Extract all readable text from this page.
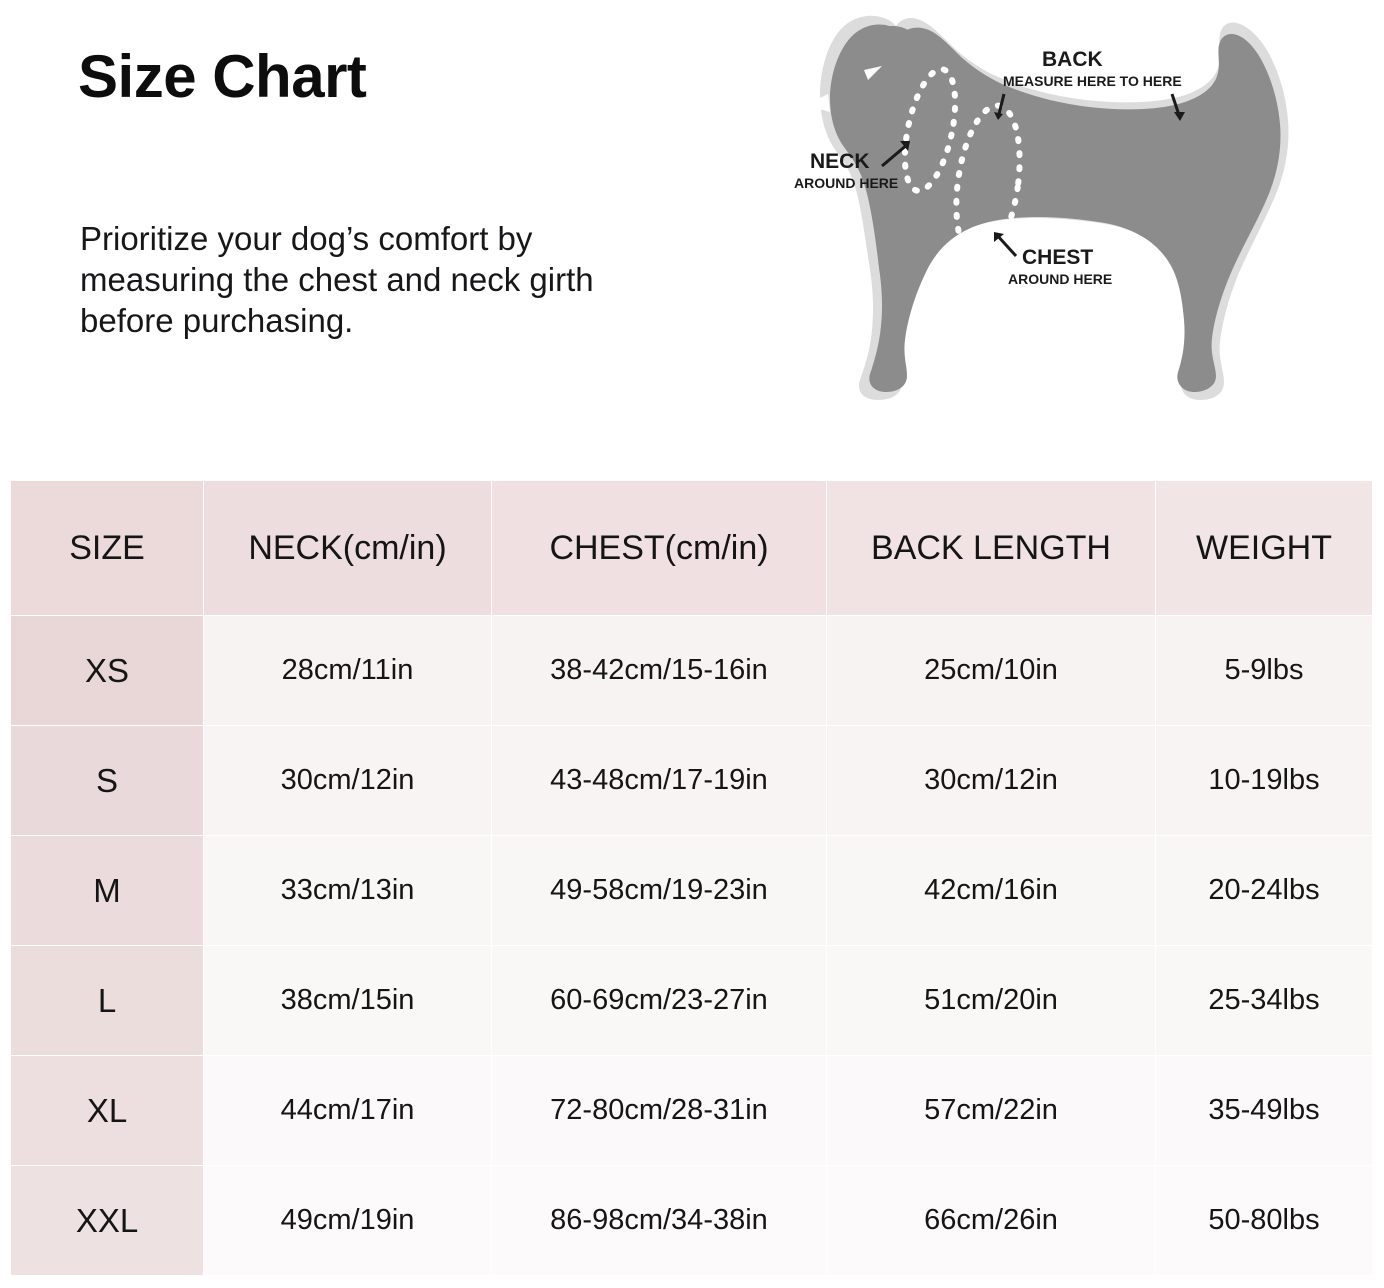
Size Chart

Prioritize your dog’s comfort by measuring the chest and neck girth before purchasing.

BACK
MEASURE HERE TO HERE
NECK
AROUND HERE
CHEST
AROUND HERE
SIZE	NECK(cm/in)	CHEST(cm/in)	BACK LENGTH	WEIGHT
XS	28cm/11in	38-42cm/15-16in	25cm/10in	5-9lbs
S	30cm/12in	43-48cm/17-19in	30cm/12in	10-19lbs
M	33cm/13in	49-58cm/19-23in	42cm/16in	20-24lbs
L	38cm/15in	60-69cm/23-27in	51cm/20in	25-34lbs
XL	44cm/17in	72-80cm/28-31in	57cm/22in	35-49lbs
XXL	49cm/19in	86-98cm/34-38in	66cm/26in	50-80lbs
